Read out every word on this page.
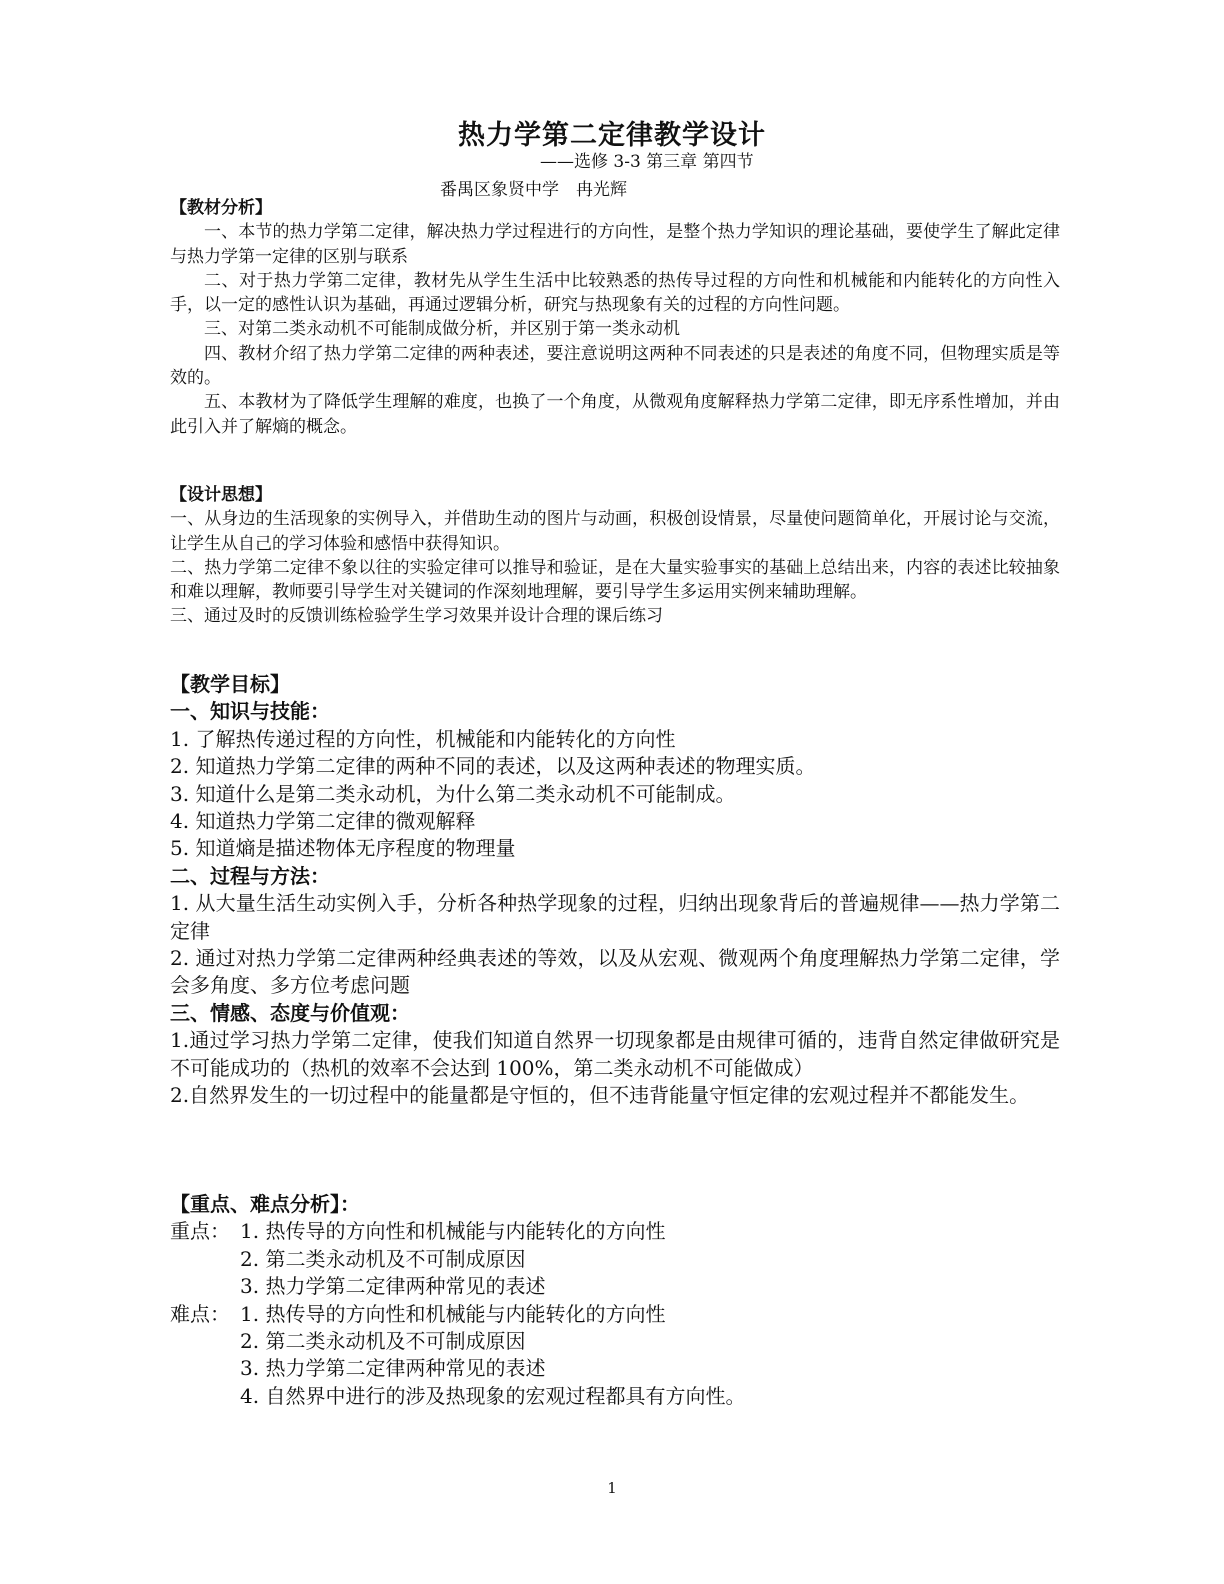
热力学第二定律教学设计
——选修 3-3 第三章 第四节
番禺区象贤中学　冉光辉
【教材分析】

一、本节的热力学第二定律，解决热力学过程进行的方向性，是整个热力学知识的理论基础，要使学生了解此定律与热力学第一定律的区别与联系

二、对于热力学第二定律，教材先从学生生活中比较熟悉的热传导过程的方向性和机械能和内能转化的方向性入手，以一定的感性认识为基础，再通过逻辑分析，研究与热现象有关的过程的方向性问题。

三、对第二类永动机不可能制成做分析，并区别于第一类永动机

四、教材介绍了热力学第二定律的两种表述，要注意说明这两种不同表述的只是表述的角度不同，但物理实质是等效的。

五、本教材为了降低学生理解的难度，也换了一个角度，从微观角度解释热力学第二定律，即无序系性增加，并由此引入并了解熵的概念。

【设计思想】

一、从身边的生活现象的实例导入，并借助生动的图片与动画，积极创设情景，尽量使问题简单化，开展讨论与交流，让学生从自己的学习体验和感悟中获得知识。

二、热力学第二定律不象以往的实验定律可以推导和验证，是在大量实验事实的基础上总结出来，内容的表述比较抽象和难以理解，教师要引导学生对关键词的作深刻地理解，要引导学生多运用实例来辅助理解。

三、通过及时的反馈训练检验学生学习效果并设计合理的课后练习

【教学目标】
一、知识与技能：

1. 了解热传递过程的方向性，机械能和内能转化的方向性

2. 知道热力学第二定律的两种不同的表述，以及这两种表述的物理实质。

3. 知道什么是第二类永动机，为什么第二类永动机不可能制成。

4. 知道热力学第二定律的微观解释

5. 知道熵是描述物体无序程度的物理量

二、过程与方法：

1. 从大量生活生动实例入手，分析各种热学现象的过程，归纳出现象背后的普遍规律——热力学第二定律

2. 通过对热力学第二定律两种经典表述的等效，以及从宏观、微观两个角度理解热力学第二定律，学会多角度、多方位考虑问题

三、情感、态度与价值观：

1.通过学习热力学第二定律，使我们知道自然界一切现象都是由规律可循的，违背自然定律做研究是不可能成功的（热机的效率不会达到 100%，第二类永动机不可能做成）

2.自然界发生的一切过程中的能量都是守恒的，但不违背能量守恒定律的宏观过程并不都能发生。

【重点、难点分析】：
重点： 1. 热传导的方向性和机械能与内能转化的方向性
2. 第二类永动机及不可制成原因
3. 热力学第二定律两种常见的表述
难点： 1. 热传导的方向性和机械能与内能转化的方向性
2. 第二类永动机及不可制成原因
3. 热力学第二定律两种常见的表述
4. 自然界中进行的涉及热现象的宏观过程都具有方向性。
1
